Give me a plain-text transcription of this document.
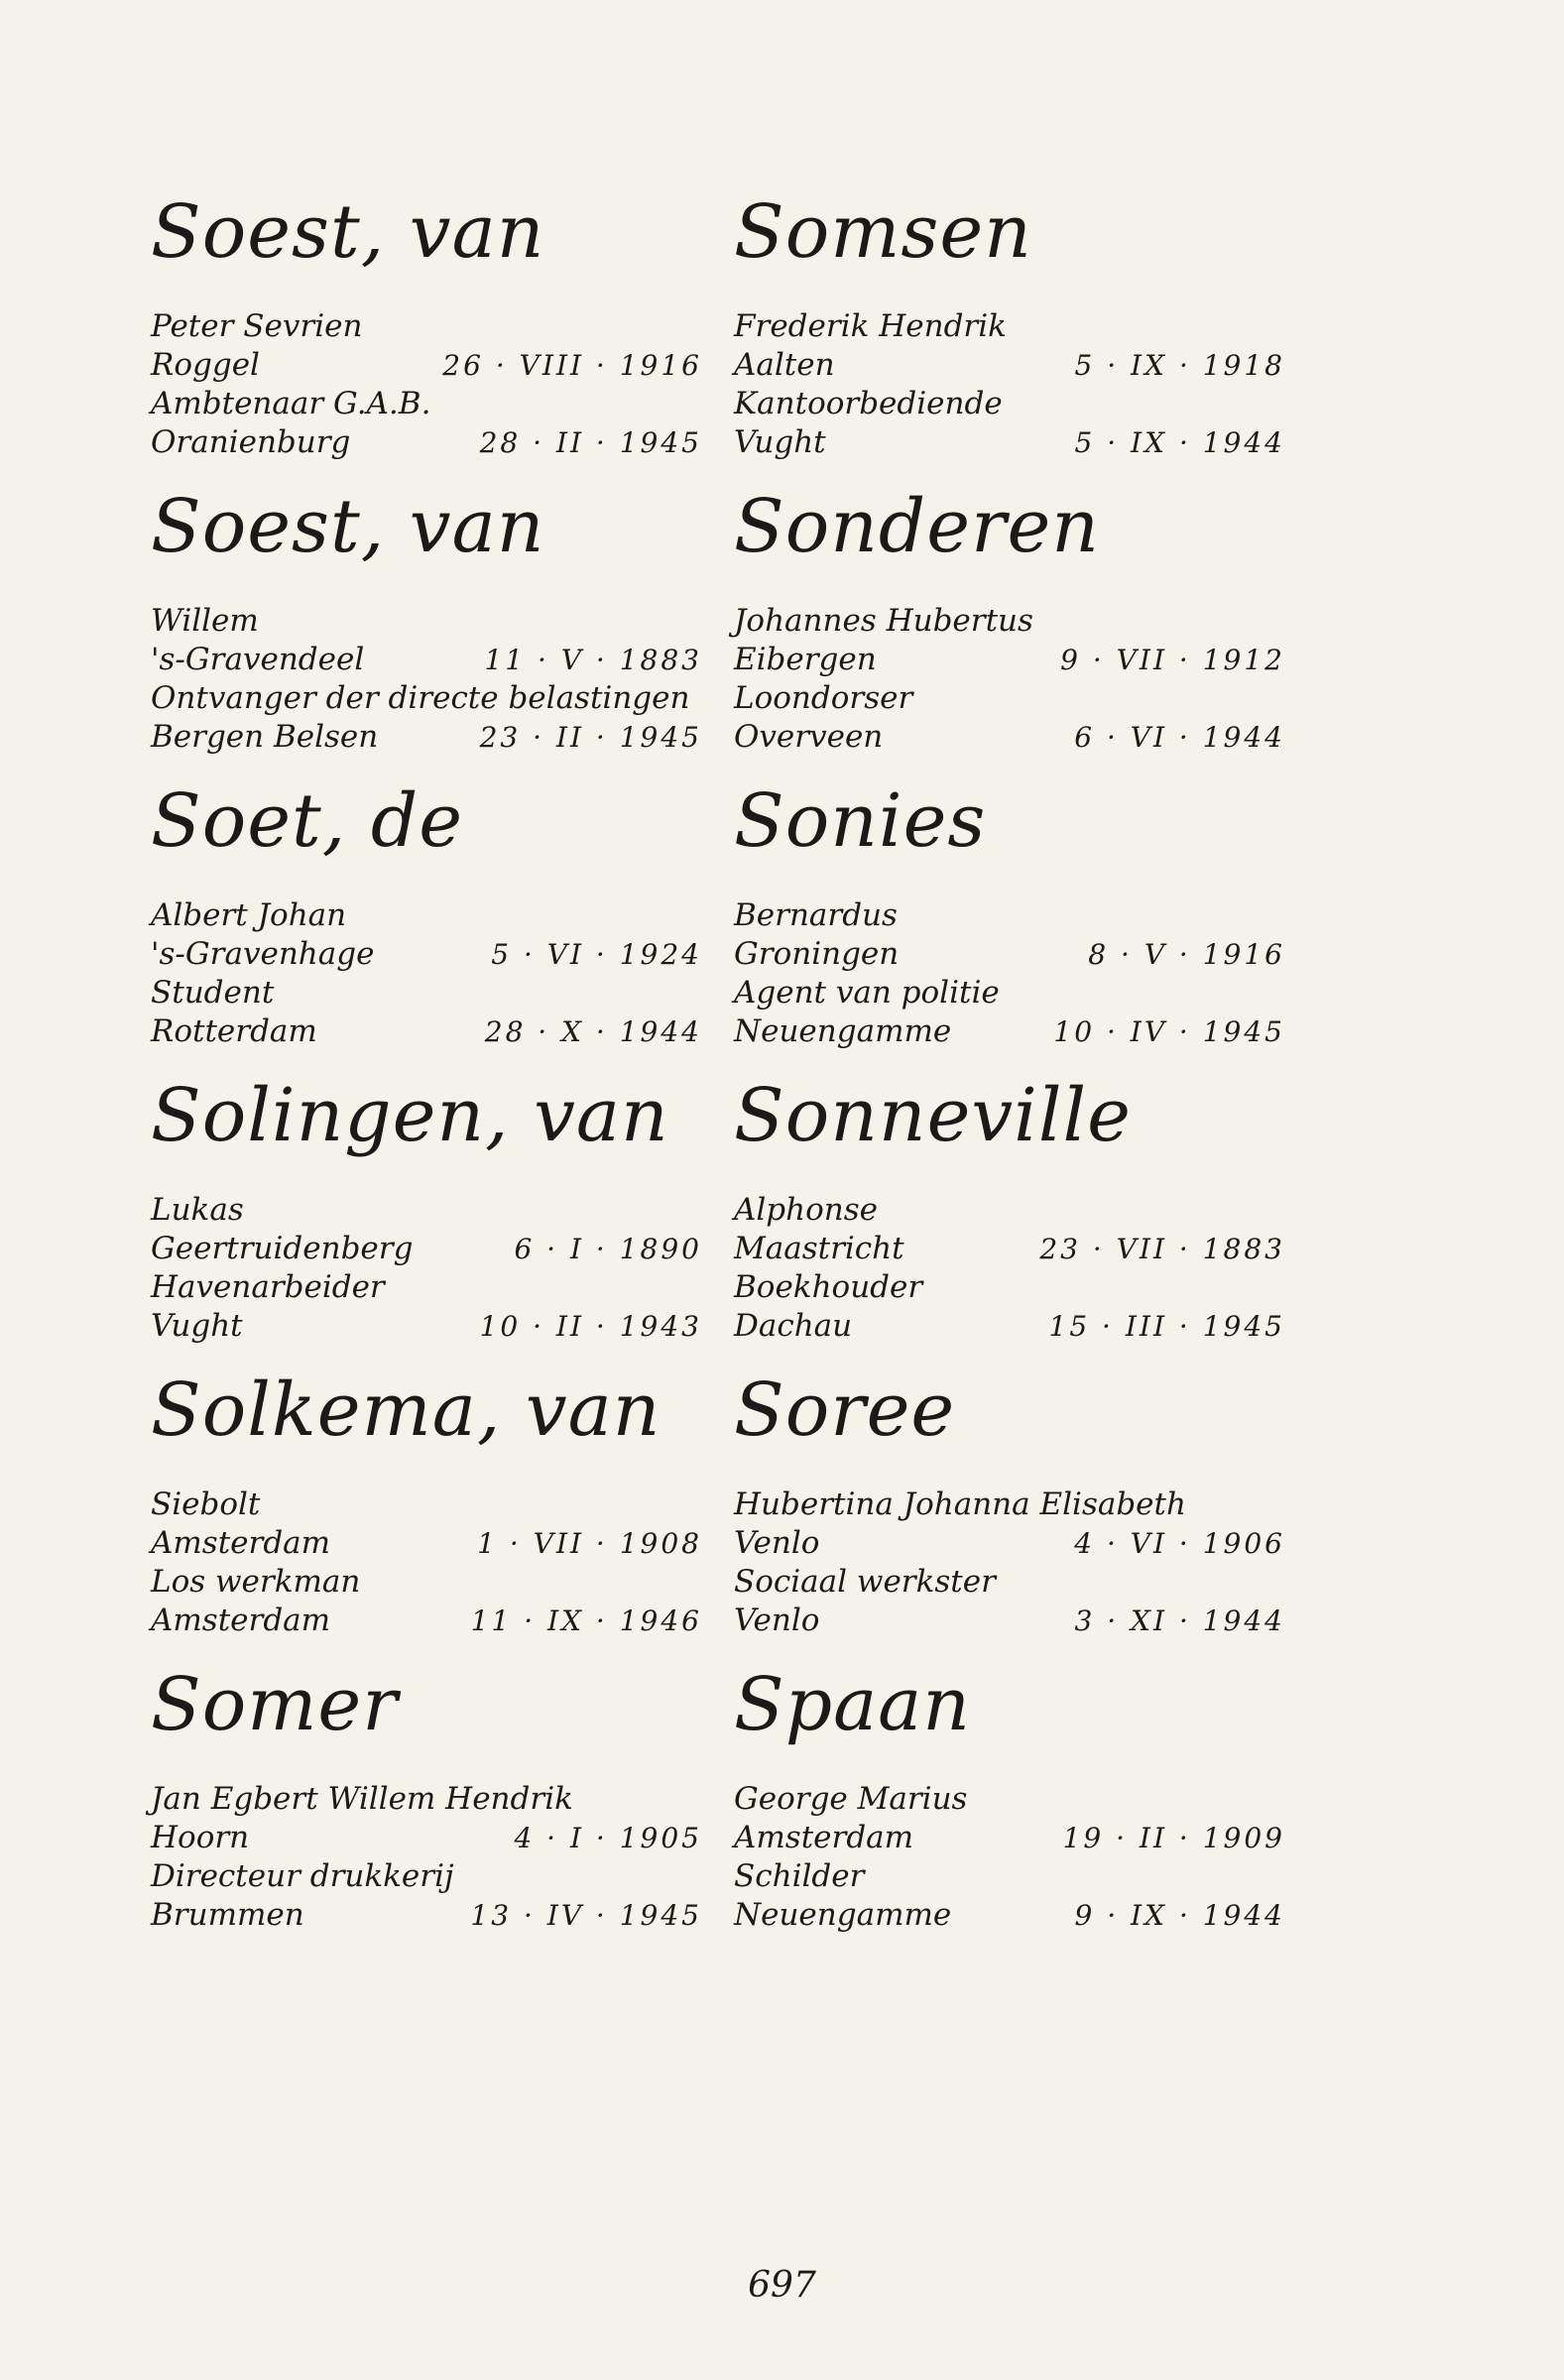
Soest, van
Peter Sevrien
Roggel	26 · VIII · 1916
Ambtenaar G.A.B.
Oranienburg	28 · II · 1945
Soest, van
Willem
's-Gravendeel	11 · V · 1883
Ontvanger der directe belastingen
Bergen Belsen	23 · II · 1945
Soet, de
Albert Johan
's-Gravenhage	5 · VI · 1924
Student
Rotterdam	28 · X · 1944
Solingen, van
Lukas
Geertruidenberg	6 · I · 1890
Havenarbeider
Vught	10 · II · 1943
Solkema, van
Siebolt
Amsterdam	1 · VII · 1908
Los werkman
Amsterdam	11 · IX · 1946
Somer
Jan Egbert Willem Hendrik
Hoorn	4 · I · 1905
Directeur drukkerij
Brummen	13 · IV · 1945
Somsen
Frederik Hendrik
Aalten	5 · IX · 1918
Kantoorbediende
Vught	5 · IX · 1944
Sonderen
Johannes Hubertus
Eibergen	9 · VII · 1912
Loondorser
Overveen	6 · VI · 1944
Sonies
Bernardus
Groningen	8 · V · 1916
Agent van politie
Neuengamme	10 · IV · 1945
Sonneville
Alphonse
Maastricht	23 · VII · 1883
Boekhouder
Dachau	15 · III · 1945
Soree
Hubertina Johanna Elisabeth
Venlo	4 · VI · 1906
Sociaal werkster
Venlo	3 · XI · 1944
Spaan
George Marius
Amsterdam	19 · II · 1909
Schilder
Neuengamme	9 · IX · 1944
697
